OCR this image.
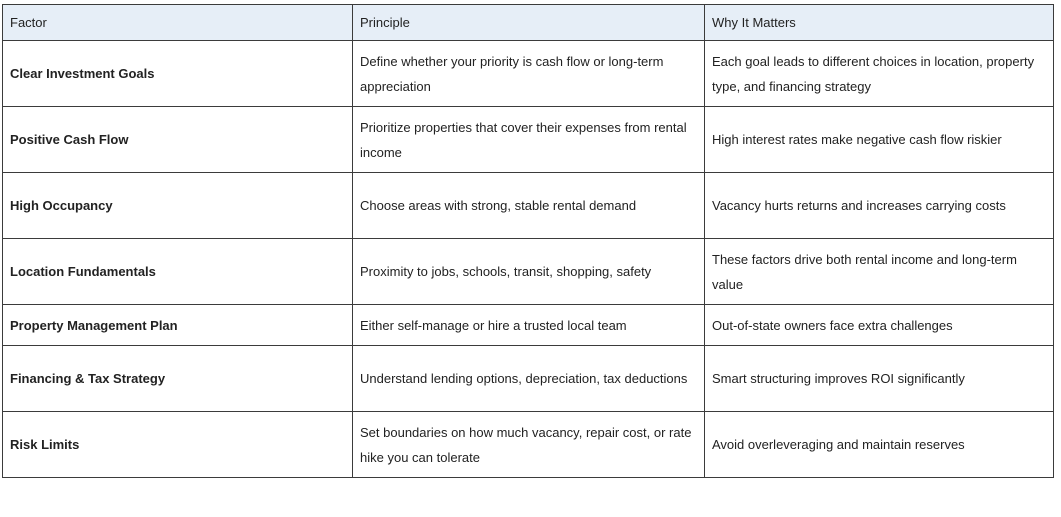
Factor	Principle	Why It Matters
Clear Investment Goals	Define whether your priority is cash flow or long-term appreciation	Each goal leads to different choices in location, property type, and financing strategy
Positive Cash Flow	Prioritize properties that cover their expenses from rental income	High interest rates make negative cash flow riskier
High Occupancy	Choose areas with strong, stable rental demand	Vacancy hurts returns and increases carrying costs
Location Fundamentals	Proximity to jobs, schools, transit, shopping, safety	These factors drive both rental income and long-term value
Property Management Plan	Either self-manage or hire a trusted local team	Out-of-state owners face extra challenges
Financing & Tax Strategy	Understand lending options, depreciation, tax deductions	Smart structuring improves ROI significantly
Risk Limits	Set boundaries on how much vacancy, repair cost, or rate hike you can tolerate	Avoid overleveraging and maintain reserves
